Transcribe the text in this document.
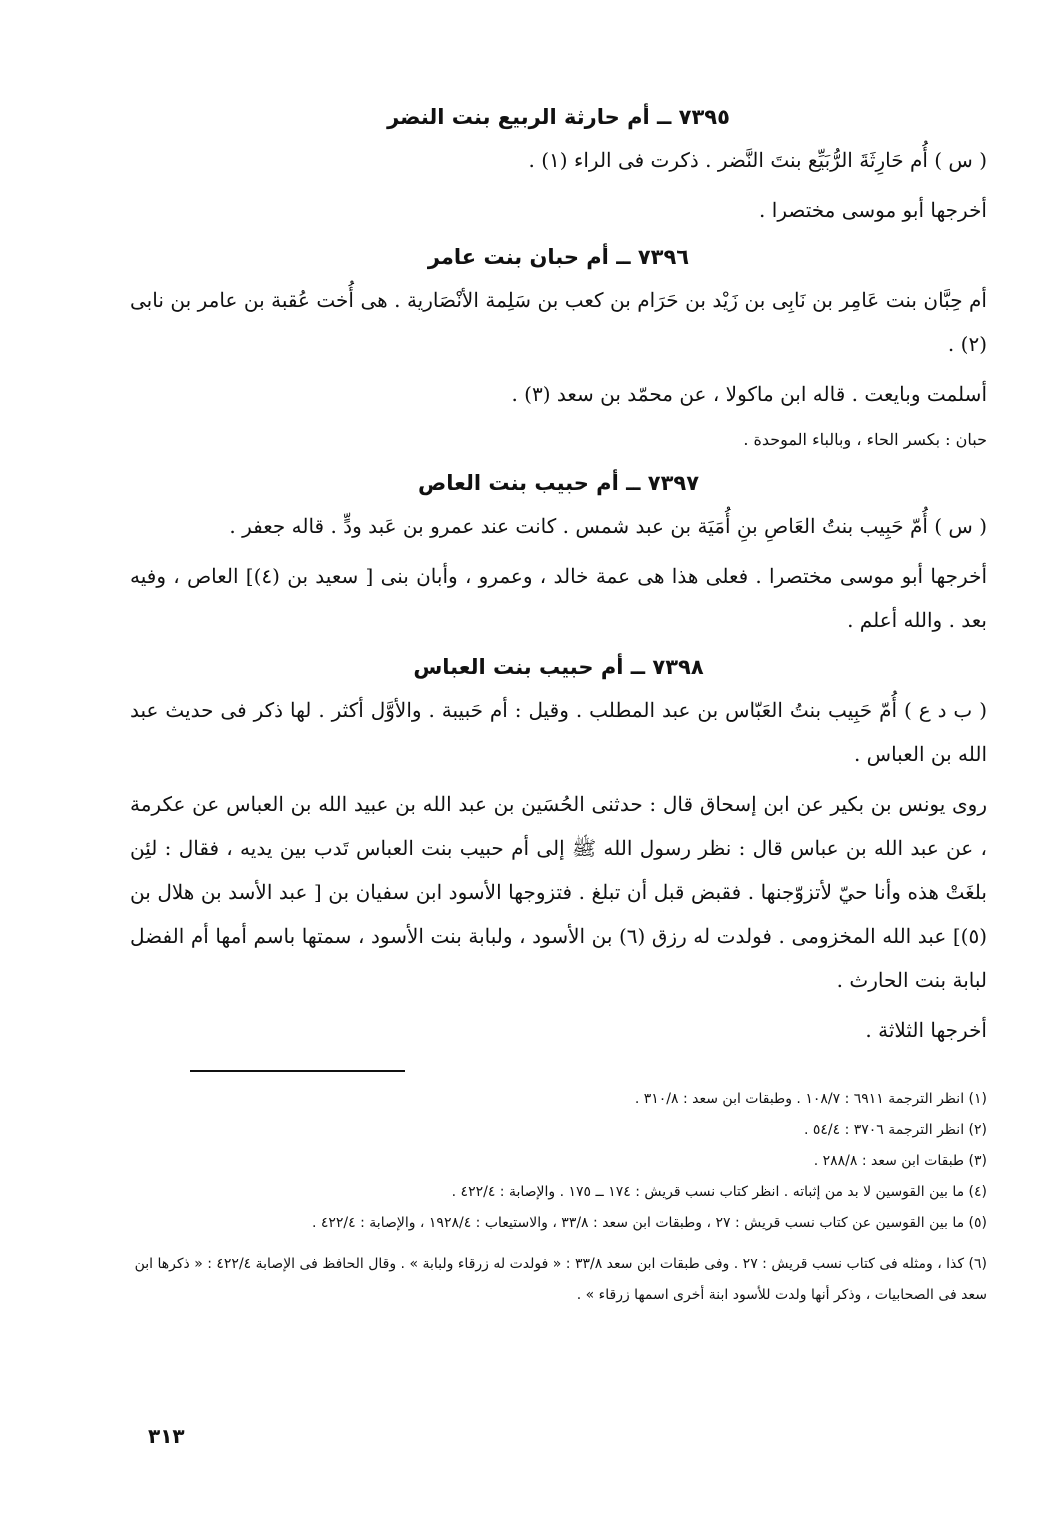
٧٣٩٥ ــ أم حارثة الربيع بنت النضر

( س ) أُم حَارِثَةَ الرُّبَيِّع بنتَ النَّضر . ذكرت فى الراء (١) .

أخرجها أبو موسى مختصرا .

٧٣٩٦ ــ أم حبان بنت عامر

أم حِبَّان بنت عَامِر بن نَابِى بن زَيْد بن حَرَام بن كعب بن سَلِمة الأنْصَارية . هى أُخت عُقبة بن عامر بن نابى (٢) .

أسلمت وبايعت . قاله ابن ماكولا ، عن محمّد بن سعد (٣) .

حبان : بكسر الحاء ، وبالباء الموحدة .

٧٣٩٧ ــ أم حبيب بنت العاص

( س ) أُمّ حَبِيب بنتُ العَاصِ بنِ أُمَيَة بن عبد شمس . كانت عند عمرو بن عَبد ودٍّ . قاله جعفر .

أخرجها أبو موسى مختصرا . فعلى هذا هى عمة خالد ، وعمرو ، وأبان بنى [ سعيد بن (٤)] العاص ، وفيه بعد . والله أعلم .

٧٣٩٨ ــ أم حبيب بنت العباس

( ب د ع ) أُمّ حَبِيب بنتُ العَبّاس بن عبد المطلب . وقيل : أم حَبيبة . والأوَّل أكثر . لها ذكر فى حديث عبد الله بن العباس .

روى يونس بن بكير عن ابن إسحاق قال : حدثنى الحُسَين بن عبد الله بن عبيد الله بن العباس عن عكرمة ، عن عبد الله بن عباس قال : نظر رسول الله ﷺ إلى أم حبيب بنت العباس تَدب بين يديه ، فقال : لئِن بلغَتْ هذه وأنا حيّ لأتزوّجنها . فقبض قبل أن تبلغ . فتزوجها الأسود ابن سفيان بن [ عبد الأسد بن هلال بن (٥)] عبد الله المخزومى . فولدت له رزق (٦) بن الأسود ، ولبابة بنت الأسود ، سمتها باسم أمها أم الفضل لبابة بنت الحارث .

أخرجها الثلاثة .

(١) انظر الترجمة ٦٩١١ : ١٠٨/٧ . وطبقات ابن سعد : ٣١٠/٨ .

(٢) انظر الترجمة ٣٧٠٦ : ٥٤/٤ .

(٣) طبقات ابن سعد : ٢٨٨/٨ .

(٤) ما بين القوسين لا بد من إثباته . انظر كتاب نسب قريش : ١٧٤ ــ ١٧٥ . والإصابة : ٤٢٢/٤ .

(٥) ما بين القوسين عن كتاب نسب قريش : ٢٧ ، وطبقات ابن سعد : ٣٣/٨ ، والاستيعاب : ١٩٢٨/٤ ، والإصابة : ٤٢٢/٤ .

(٦) كذا ، ومثله فى كتاب نسب قريش : ٢٧ . وفى طبقات ابن سعد ٣٣/٨ : « فولدت له زرقاء ولبابة » . وقال الحافظ فى الإصابة ٤٢٢/٤ : « ذكرها ابن سعد فى الصحابيات ، وذكر أنها ولدت للأسود ابنة أخرى اسمها زرقاء » .

٣١٣
